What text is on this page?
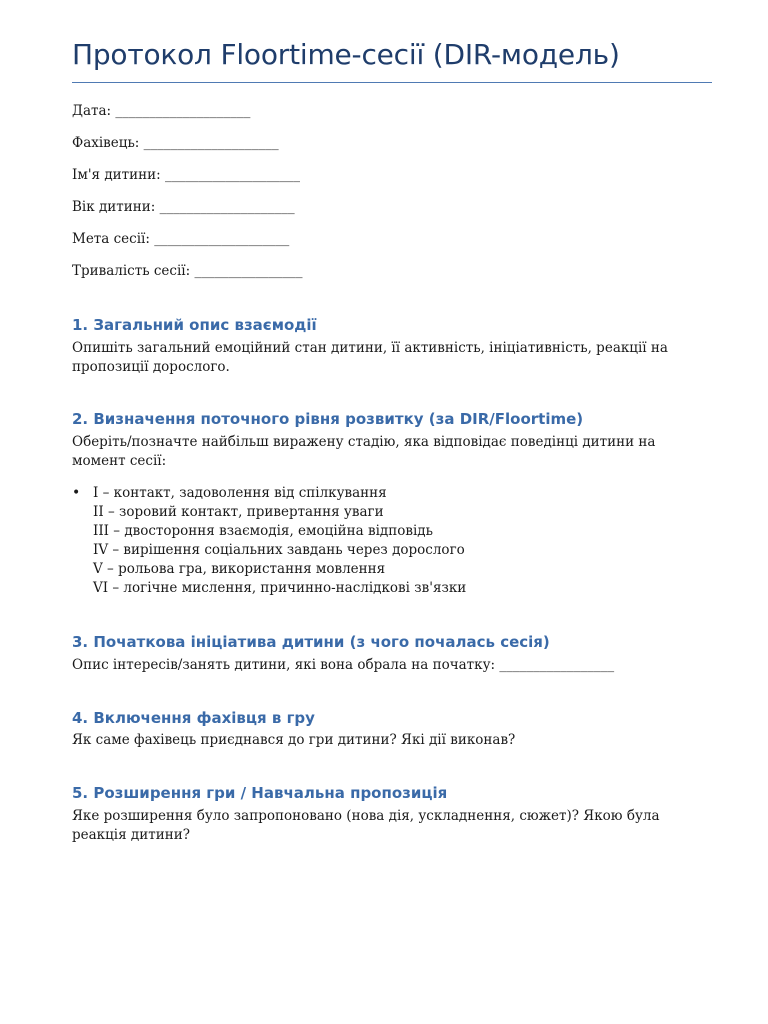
Протокол Floortime-сесії (DIR-модель)
Дата: ____________________
Фахівець: ____________________
Ім'я дитини: ____________________
Вік дитини: ____________________
Мета сесії: ____________________
Тривалість сесії: ________________
1. Загальний опис взаємодії
Опишіть загальний емоційний стан дитини, її активність, ініціативність, реакції на пропозиції дорослого.
2. Визначення поточного рівня розвитку (за DIR/Floortime)
Оберіть/позначте найбільш виражену стадію, яка відповідає поведінці дитини на момент сесії:
• I – контакт, задоволення від спілкування
II – зоровий контакт, привертання уваги
III – двостороння взаємодія, емоційна відповідь
IV – вирішення соціальних завдань через дорослого
V – рольова гра, використання мовлення
VI – логічне мислення, причинно-наслідкові зв'язки
3. Початкова ініціатива дитини (з чого почалась сесія)
Опис інтересів/занять дитини, які вона обрала на початку: _________________
4. Включення фахівця в гру
Як саме фахівець приєднався до гри дитини? Які дії виконав?
5. Розширення гри / Навчальна пропозиція
Яке розширення було запропоновано (нова дія, ускладнення, сюжет)? Якою була реакція дитини?
